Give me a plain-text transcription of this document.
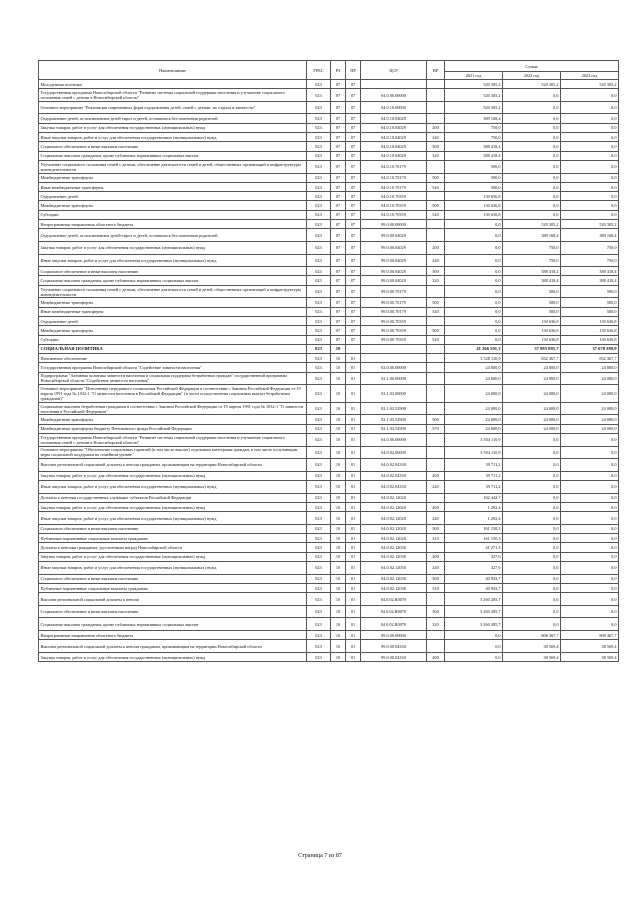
Наименование	ГРБС	РЗ	ПР	ЦСР	ВР	Сумма		
						2021 год	2022 год	2023 год
Молодежная политика	023	07	07			520 305,2	520 305,2	520 305,2
Государственная программа Новосибирской области "Развитие системы социальной поддержки населения и улучшение социального положения семей с детьми в Новосибирской области"	023	07	07	04.0.00.00000		520 305,2	0,0	0,0
Основное мероприятие "Реализация современных форм оздоровления детей, семей с детьми, их отдыха и занятости"	023	07	07	04.0.10.00000		520 305,2	0,0	0,0
Оздоровление детей, за исключением детей-сирот и детей, оставшихся без попечения родителей	023	07	07	04.0.10.04029		389 168,4	0,0	0,0
Закупка товаров, работ и услуг для обеспечения государственных (муниципальных) нужд	023	07	07	04.0.10.04029	200	750,0	0,0	0,0
Иные закупки товаров, работ и услуг для обеспечения государственных (муниципальных) нужд	023	07	07	04.0.10.04029	240	750,0	0,0	0,0
Социальное обеспечение и иные выплаты населению	023	07	07	04.0.10.04029	300	388 418,4	0,0	0,0
Социальные выплаты гражданам, кроме публичных нормативных социальных выплат	023	07	07	04.0.10.04029	320	388 418,4	0,0	0,0
Улучшение социального положения семей с детьми, обеспечение деятельности семей и детей, общественных организаций и инфраструктуры жизнедеятельности	023	07	07	04.0.10.70179		500,0	0,0	0,0
Межбюджетные трансферты	023	07	07	04.0.10.70179	500	500,0	0,0	0,0
Иные межбюджетные трансферты	023	07	07	04.0.10.70179	540	500,0	0,0	0,0
Оздоровление детей	023	07	07	04.0.10.70359		130 636,8	0,0	0,0
Межбюджетные трансферты	023	07	07	04.0.10.70359	500	130 636,8	0,0	0,0
Субсидии	023	07	07	04.0.10.70359	520	130 636,8	0,0	0,0
Непрограммные направления областного бюджета	023	07	07	99.0.00.00000		0,0	520 305,2	520 305,2
Оздоровление детей, за исключением детей-сирот и детей, оставшихся без попечения родителей	023	07	07	99.0.00.04029		0,0	389 168,4	389 168,4
Закупка товаров, работ и услуг для обеспечения государственных (муниципальных) нужд	023	07	07	99.0.00.04029	200	0,0	750,0	750,0
Иные закупки товаров, работ и услуг для обеспечения государственных (муниципальных) нужд	023	07	07	99.0.00.04029	240	0,0	750,0	750,0
Социальное обеспечение и иные выплаты населению	023	07	07	99.0.00.04029	300	0,0	388 418,4	388 418,4
Социальные выплаты гражданам, кроме публичных нормативных социальных выплат	023	07	07	99.0.00.04029	320	0,0	388 418,4	388 418,4
Улучшение социального положения семей с детьми, обеспечение деятельности семей и детей, общественных организаций и инфраструктуры жизнедеятельности	023	07	07	99.0.00.70179		0,0	500,0	500,0
Межбюджетные трансферты	023	07	07	99.0.00.70179	500	0,0	500,0	500,0
Иные межбюджетные трансферты	023	07	07	99.0.00.70179	540	0,0	500,0	500,0
Оздоровление детей	023	07	07	99.0.00.70359		0,0	130 636,8	130 636,8
Межбюджетные трансферты	023	07	07	99.0.00.70359	500	0,0	130 636,8	130 636,8
Субсидии	023	07	07	99.0.00.70359	520	0,0	130 636,8	130 636,8
СОЦИАЛЬНАЯ ПОЛИТИКА	023	10				41 266 591,3	37 885 885,7	37 678 389,9
Пенсионное обеспечение	023	10	01			3 528 110,9	832 367,7	832 367,7
Государственная программа Новосибирской области "Содействие занятости населения"	023	10	01	02.0.00.00000		24 000,0	24 000,0	24 000,0
Подпрограмма "Активная политика занятости населения и социальная поддержка безработных граждан" государственной программы Новосибирской области "Содействие занятости населения"	023	10	01	02.1.00.00000		24 000,0	24 000,0	24 000,0
Основное мероприятие "Исполнение переданного полномочия Российской Федерации в соответствии с Законом Российской Федерации от 19 апреля 1991 года № 1032-1 "О занятости населения в Российской Федерации" (в части осуществления социальных выплат безработным гражданам)"	023	10	01	02.1.03.00000		24 000,0	24 000,0	24 000,0
Социальные выплаты безработным гражданам в соответствии с Законом Российской Федерации от 19 апреля 1991 года № 1032-1 "О занятости населения в Российской Федерации"	023	10	01	02.1.03.52900		24 000,0	24 000,0	24 000,0
Межбюджетные трансферты	023	10	01	02.1.03.52900	500	24 000,0	24 000,0	24 000,0
Межбюджетные трансферты бюджету Пенсионного фонда Российской Федерации	023	10	01	02.1.03.52900	570	24 000,0	24 000,0	24 000,0
Государственная программа Новосибирской области "Развитие системы социальной поддержки населения и улучшение социального положения семей с детьми в Новосибирской области"	023	10	01	04.0.00.00000		3 504 110,9	0,0	0,0
Основное мероприятие "Обеспечение социальных гарантий (в том числе выплат) отдельным категориям граждан, в том числе получающим меры социальной поддержки на семейном уровне"	023	10	01	04.0.02.00000		3 504 110,9	0,0	0,0
Выплата региональной социальной доплаты к пенсии гражданам, проживающим на территории Новосибирской области	023	10	01	04.0.02.04330		39 711,2	0,0	0,0
Закупка товаров, работ и услуг для обеспечения государственных (муниципальных) нужд	023	10	01	04.0.02.04330	200	39 711,2	0,0	0,0
Иные закупки товаров, работ и услуг для обеспечения государственных (муниципальных) нужд	023	10	01	04.0.02.04330	240	39 711,2	0,0	0,0
Доплаты к пенсиям государственных служащих субъектов Российской Федерации	023	10	01	04.0.02.12020		162 442,7	0,0	0,0
Закупка товаров, работ и услуг для обеспечения государственных (муниципальных) нужд	023	10	01	04.0.02.12020	200	1 292,4	0,0	0,0
Иные закупки товаров, работ и услуг для обеспечения государственных (муниципальных) нужд	023	10	01	04.0.02.12020	240	1 292,4	0,0	0,0
Социальное обеспечение и иные выплаты населению	023	10	01	04.0.02.12020	300	161 150,3	0,0	0,0
Публичные нормативные социальные выплаты гражданам	023	10	01	04.0.02.12020	310	161 150,3	0,0	0,0
Доплаты к пенсиям гражданам, удостоенным наград Новосибирской области	023	10	01	04.0.02.12030		41 271,3	0,0	0,0
Закупка товаров, работ и услуг для обеспечения государственных (муниципальных) нужд	023	10	01	04.0.02.12030	200	327,6	0,0	0,0
Иные закупки товаров, работ и услуг для обеспечения государственных (муниципальных) нужд	023	10	01	04.0.02.12030	240	327,6	0,0	0,0
Социальное обеспечение и иные выплаты населению	023	10	01	04.0.02.12030	300	40 943,7	0,0	0,0
Публичные нормативные социальные выплаты гражданам	023	10	01	04.0.02.12030	310	40 943,7	0,0	0,0
Выплата региональной социальной доплаты к пенсии	023	10	01	04.0.02.R0070		3 260 285,7	0,0	0,0
Социальное обеспечение и иные выплаты населению	023	10	01	04.0.02.R0070	300	3 260 285,7	0,0	0,0
Социальные выплаты гражданам, кроме публичных нормативных социальных выплат	023	10	01	04.0.02.R0070	320	3 260 285,7	0,0	0,0
Непрограммные направления областного бюджета	023	10	01	99.0.00.00000		0,0	808 367,7	808 367,7
Выплата региональной социальной доплаты к пенсии гражданам, проживающим на территории Новосибирской области	023	10	01	99.0.00.04330		0,0	38 569,4	38 569,4
Закупка товаров, работ и услуг для обеспечения государственных (муниципальных) нужд	023	10	01	99.0.00.04330	200	0,0	38 569,4	38 569,4
Страница 7 из 87
